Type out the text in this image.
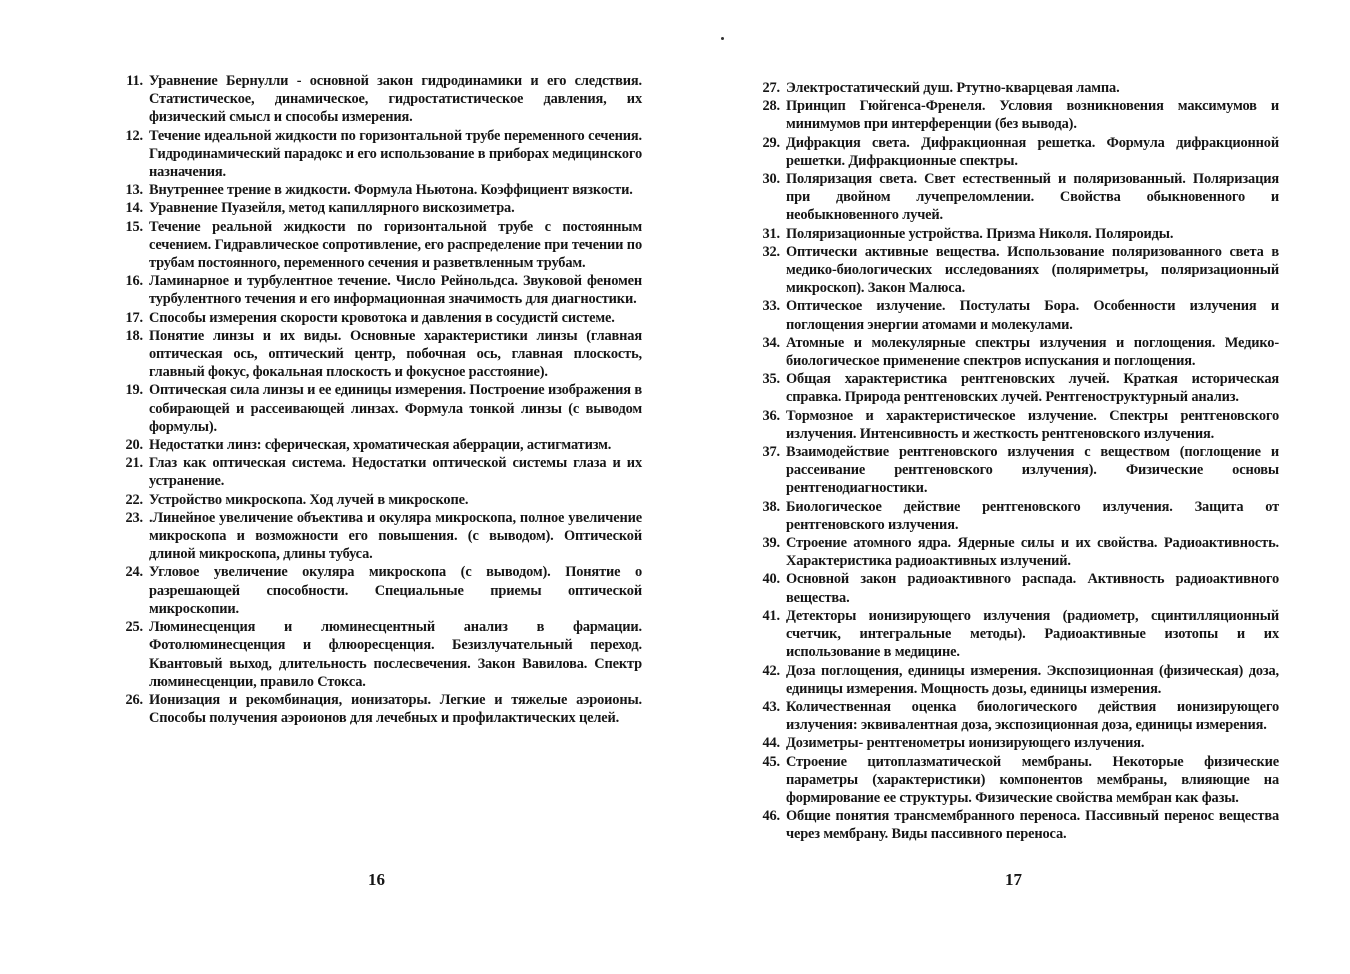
11. Уравнение Бернулли - основной закон гидродинамики и его следствия. Статистическое, динамическое, гидростатистическое давления, их физический смысл и способы измерения.
12. Течение идеальной жидкости по горизонтальной трубе переменного сечения. Гидродинамический парадокс и его использование в приборах медицинского назначения.
13. Внутреннее трение в жидкости. Формула Ньютона. Коэффициент вязкости.
14. Уравнение Пуазейля, метод капиллярного вискозиметра.
15. Течение реальной жидкости по горизонтальной трубе с постоянным сечением. Гидравлическое сопротивление, его распределение при течении по трубам постоянного, переменного сечения и разветвленным трубам.
16. Ламинарное и турбулентное течение. Число Рейнольдса. Звуковой феномен турбулентного течения и его информационная значимость для диагностики.
17. Способы измерения скорости кровотока и давления в сосудистй системе.
18. Понятие линзы и их виды. Основные характеристики линзы (главная оптическая ось, оптический центр, побочная ось, главная плоскость, главный фокус, фокальная плоскость и фокусное расстояние).
19. Оптическая сила линзы и ее единицы измерения. Построение изображения в собирающей и рассеивающей линзах. Формула тонкой линзы (с выводом формулы).
20. Недостатки линз: сферическая, хроматическая аберрации, астигматизм.
21. Глаз как оптическая система. Недостатки оптической системы глаза и их устранение.
22. Устройство микроскопа. Ход лучей в микроскопе.
23. .Линейное увеличение объектива и окуляра микроскопа, полное увеличение микроскопа и возможности его повышения. (с выводом). Оптической длиной микроскопа, длины тубуса.
24. Угловое увеличение окуляра микроскопа (с выводом). Понятие о разрешающей способности. Специальные приемы оптической микроскопии.
25. Люминесценция и люминесцентный анализ в фармации. Фотолюминесценция и флюоресценция. Безизлучательный переход. Квантовый выход, длительность послесвечения. Закон Вавилова. Спектр люминесценции, правило Стокса.
26. Ионизация и рекомбинация, ионизаторы. Легкие и тяжелые аэроионы. Способы получения аэроионов для лечебных и профилактических целей.
16
27. Электростатический душ. Ртутно-кварцевая лампа.
28. Принцип Гюйгенса-Френеля. Условия возникновения максимумов и минимумов при интерференции (без вывода).
29. Дифракция света. Дифракционная решетка. Формула дифракционной решетки. Дифракционные спектры.
30. Поляризация света. Свет естественный и поляризованный. Поляризация при двойном лучепреломлении. Свойства обыкновенного и необыкновенного лучей.
31. Поляризационные устройства. Призма Николя. Поляроиды.
32. Оптически активные вещества. Использование поляризованного света в медико-биологических исследованиях (поляриметры, поляризационный микроскоп). Закон Малюса.
33. Оптическое излучение. Постулаты Бора. Особенности излучения и поглощения энергии атомами и молекулами.
34. Атомные и молекулярные спектры излучения и поглощения. Медико-биологическое применение спектров испускания и поглощения.
35. Общая характеристика рентгеновских лучей. Краткая историческая справка. Природа рентгеновских лучей. Рентгеноструктурный анализ.
36. Тормозное и характеристическое излучение. Спектры рентгеновского излучения. Интенсивность и жесткость рентгеновского излучения.
37. Взаимодействие рентгеновского излучения с веществом (поглощение и рассеивание рентгеновского излучения). Физические основы рентгенодиагностики.
38. Биологическое действие рентгеновского излучения. Защита от рентгеновского излучения.
39. Строение атомного ядра. Ядерные силы и их свойства. Радиоактивность. Характеристика радиоактивных излучений.
40. Основной закон радиоактивного распада. Активность радиоактивного вещества.
41. Детекторы ионизирующего излучения (радиометр, сцинтилляционный счетчик, интегральные методы). Радиоактивные изотопы и их использование в медицине.
42. Доза поглощения, единицы измерения. Экспозиционная (физическая) доза, единицы измерения. Мощность дозы, единицы измерения.
43. Количественная оценка биологического действия ионизирующего излучения: эквивалентная доза, экспозиционная доза, единицы измерения.
44. Дозиметры- рентгенометры ионизирующего излучения.
45. Строение цитоплазматической мембраны. Некоторые физические параметры (характеристики) компонентов мембраны, влияющие на формирование ее структуры. Физические свойства мембран как фазы.
46. Общие понятия трансмембранного переноса. Пассивный перенос вещества через мембрану. Виды пассивного переноса.
17
